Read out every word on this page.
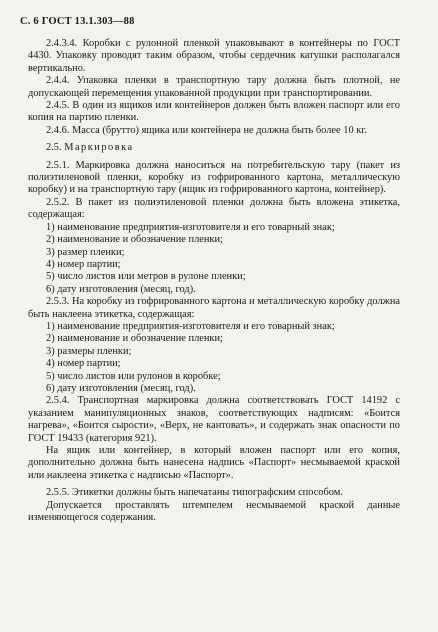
С. 6 ГОСТ 13.1.303—88

2.4.3.4. Коробки с рулонной пленкой упаковывают в контейнеры по ГОСТ 4430. Упаковку проводят таким образом, чтобы сердечник катушки располагался вертикально.

2.4.4. Упаковка пленки в транспортную тару должна быть плотной, не допускающей перемещения упакованной продукции при транспортировании.

2.4.5. В один из ящиков или контейнеров должен быть вложен паспорт или его копия на партию пленки.

2.4.6. Масса (брутто) ящика или контейнера не должна быть более 10 кг.

2.5. Маркировка

2.5.1. Маркировка должна наноситься на потребительскую тару (пакет из полиэтиленовой пленки, коробку из гофрированного картона, металлическую коробку) и на транспортную тару (ящик из гофрированного картона, контейнер).

2.5.2. В пакет из полиэтиленовой пленки должна быть вложена этикетка, содержащая:

1) наименование предприятия-изготовителя и его товарный знак;

2) наименование и обозначение пленки;

3) размер пленки;

4) номер партии;

5) число листов или метров в рулоне пленки;

6) дату изготовления (месяц, год).

2.5.3. На коробку из гофрированного картона и металлическую коробку должна быть наклеена этикетка, содержащая:

1) наименование предприятия-изготовителя и его товарный знак;

2) наименование и обозначение пленки;

3) размеры пленки;

4) номер партии;

5) число листов или рулонов в коробке;

6) дату изготовления (месяц, год).

2.5.4. Транспортная маркировка должна соответствовать ГОСТ 14192 с указанием манипуляционных знаков, соответствующих надписям: «Боится нагрева», «Боится сырости», «Верх, не кантовать», и содержать знак опасности по ГОСТ 19433 (категория 921).

На ящик или контейнер, в который вложен паспорт или его копия, дополнительно должна быть нанесена надпись «Паспорт» несмываемой краской или наклеена этикетка с надписью «Паспорт».

2.5.5. Этикетки должны быть напечатаны типографским способом.

Допускается проставлять штемпелем несмываемой краской данные изменяющегося содержания.
